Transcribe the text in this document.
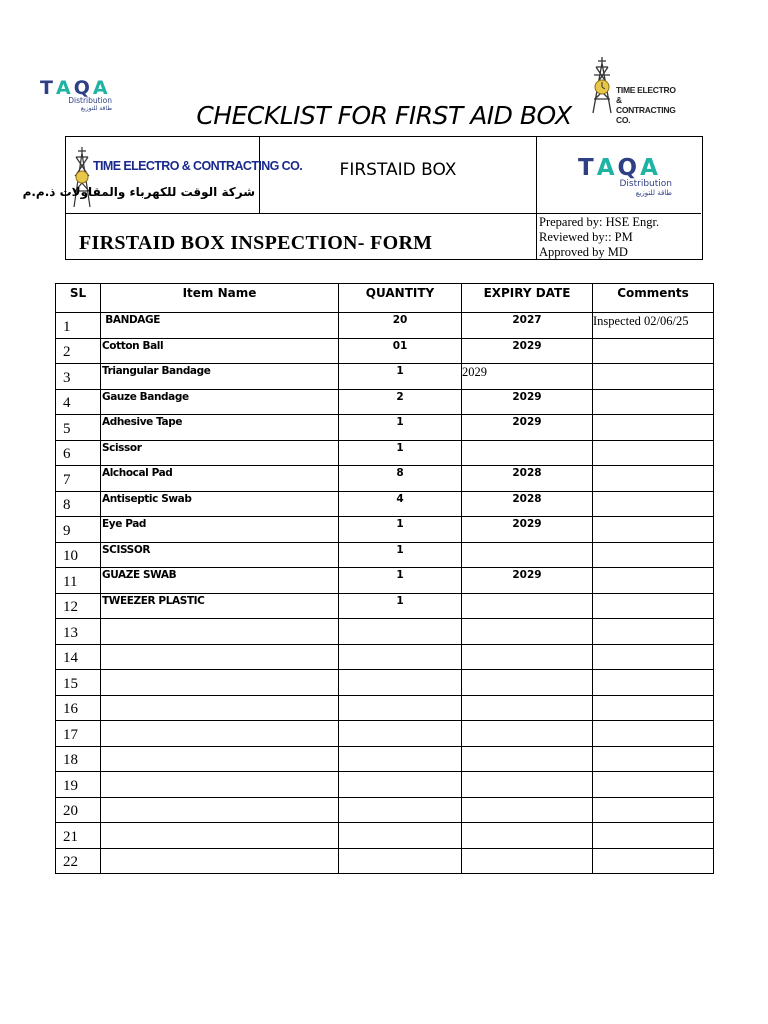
T A Q A
Distribution
طاقة للتوزيع
TIME ELECTRO &
CONTRACTING CO.
CHECKLIST FOR FIRST AID BOX
TIME ELECTRO & CONTRACTING CO.
شركة الوقت للكهرباء والمقاولات ذ.م.م
FIRSTAID BOX	T A Q A
Distribution
طاقة للتوزيع
FIRSTAID BOX INSPECTION- FORM
Prepared by: HSE Engr.
Reviewed by:: PM
Approved by MD
SL	Item Name	QUANTITY	EXPIRY DATE	Comments
1	BANDAGE	20	2027	Inspected 02/06/25
2	Cotton Ball	01	2029	
3	Triangular Bandage	1	2029	
4	Gauze Bandage	2	2029	
5	Adhesive Tape	1	2029	
6	Scissor	1		
7	Alchocal Pad	8	2028	
8	Antiseptic Swab	4	2028	
9	Eye Pad	1	2029	
10	SCISSOR	1		
11	GUAZE SWAB	1	2029	
12	TWEEZER PLASTIC	1		
13				
14				
15				
16				
17				
18				
19				
20				
21				
22				
